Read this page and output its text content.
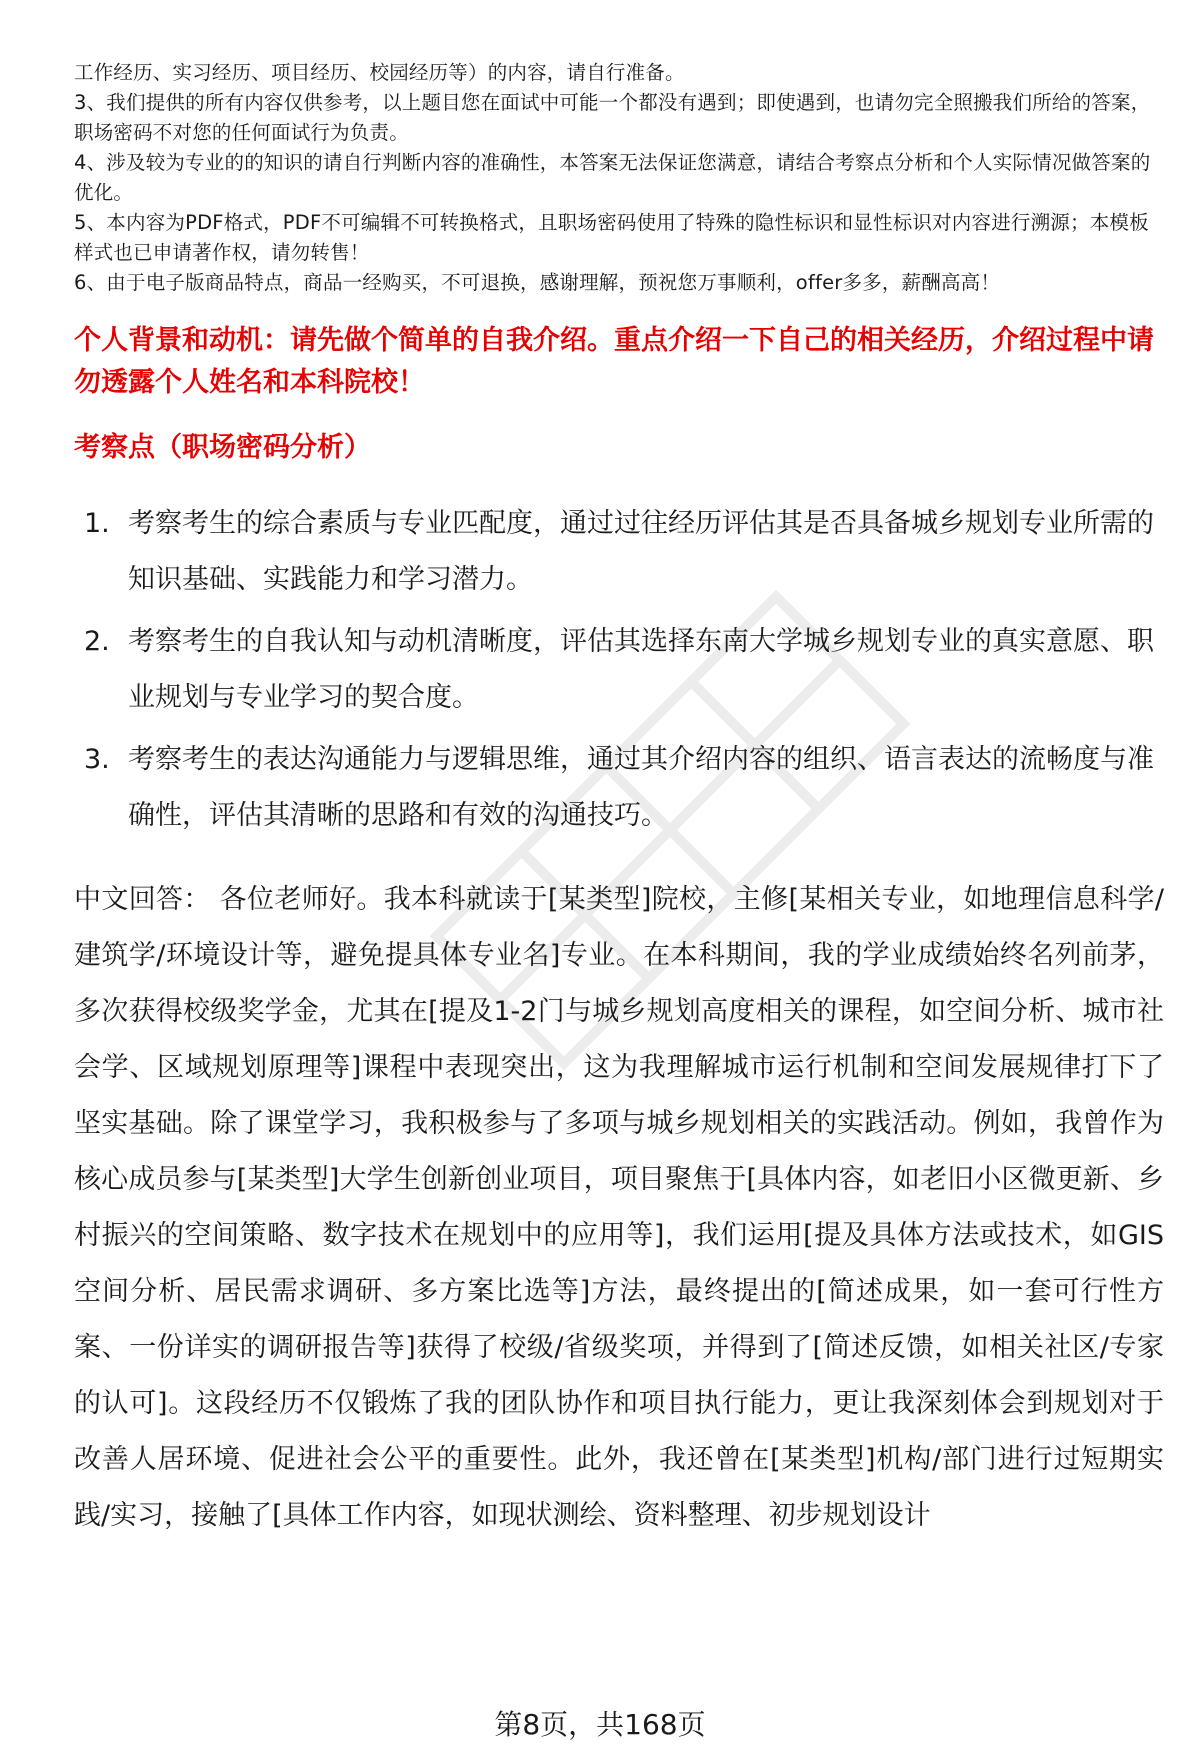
工作经历、实习经历、项目经历、校园经历等）的内容，请自行准备。

3、我们提供的所有内容仅供参考，以上题目您在面试中可能一个都没有遇到；即使遇到，也请勿完全照搬我们所给的答案，职场密码不对您的任何面试行为负责。

4、涉及较为专业的的知识的请自行判断内容的准确性，本答案无法保证您满意，请结合考察点分析和个人实际情况做答案的优化。

5、本内容为PDF格式，PDF不可编辑不可转换格式，且职场密码使用了特殊的隐性标识和显性标识对内容进行溯源；本模板样式也已申请著作权，请勿转售！

6、由于电子版商品特点，商品一经购买，不可退换，感谢理解，预祝您万事顺利，offer多多，薪酬高高！

个人背景和动机：请先做个简单的自我介绍。重点介绍一下自己的相关经历，介绍过程中请勿透露个人姓名和本科院校！
考察点（职场密码分析）
1. 考察考生的综合素质与专业匹配度，通过过往经历评估其是否具备城乡规划专业所需的知识基础、实践能力和学习潜力。
2. 考察考生的自我认知与动机清晰度，评估其选择东南大学城乡规划专业的真实意愿、职业规划与专业学习的契合度。
3. 考察考生的表达沟通能力与逻辑思维，通过其介绍内容的组织、语言表达的流畅度与准确性，评估其清晰的思路和有效的沟通技巧。

中文回答： 各位老师好。我本科就读于[某类型]院校，主修[某相关专业，如地理信息科学/建筑学/环境设计等，避免提具体专业名]专业。在本科期间，我的学业成绩始终名列前茅，多次获得校级奖学金，尤其在[提及1-2门与城乡规划高度相关的课程，如空间分析、城市社会学、区域规划原理等]课程中表现突出，这为我理解城市运行机制和空间发展规律打下了坚实基础。除了课堂学习，我积极参与了多项与城乡规划相关的实践活动。例如，我曾作为核心成员参与[某类型]大学生创新创业项目，项目聚焦于[具体内容，如老旧小区微更新、乡村振兴的空间策略、数字技术在规划中的应用等]，我们运用[提及具体方法或技术，如GIS空间分析、居民需求调研、多方案比选等]方法，最终提出的[简述成果，如一套可行性方案、一份详实的调研报告等]获得了校级/省级奖项，并得到了[简述反馈，如相关社区/专家的认可]。这段经历不仅锻炼了我的团队协作和项目执行能力，更让我深刻体会到规划对于改善人居环境、促进社会公平的重要性。此外，我还曾在[某类型]机构/部门进行过短期实践/实习，接触了[具体工作内容，如现状测绘、资料整理、初步规划设计

第8页，共168页
